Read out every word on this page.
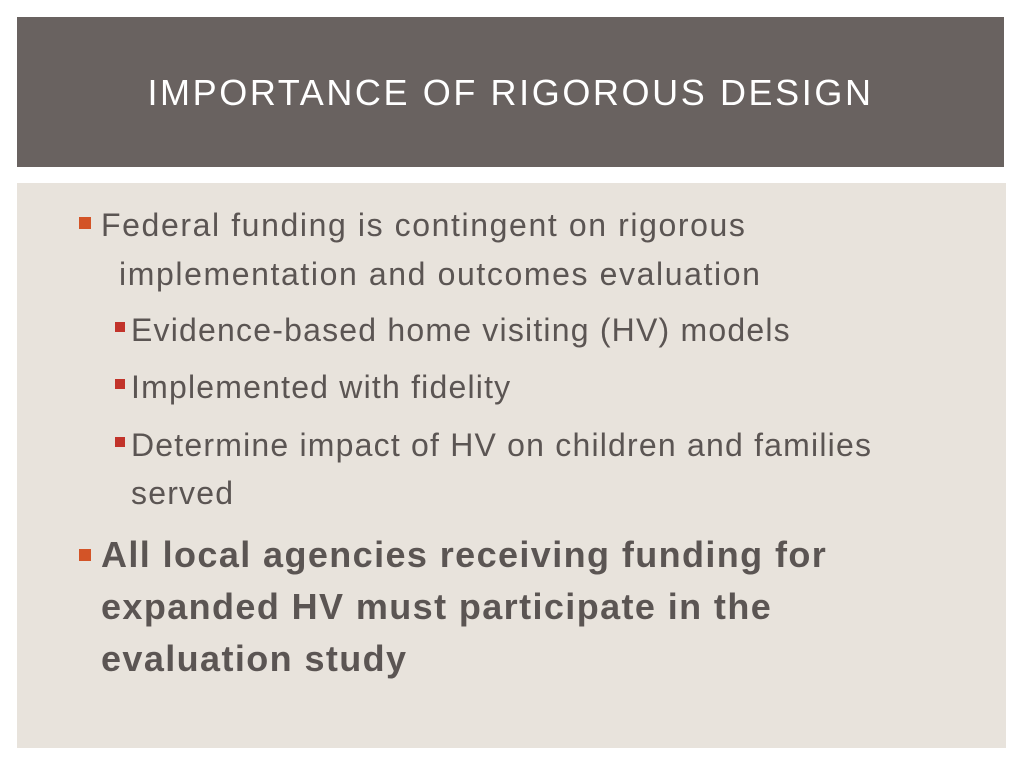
IMPORTANCE OF RIGOROUS DESIGN
Federal funding is contingent on rigorous implementation and outcomes evaluation
Evidence-based home visiting (HV) models
Implemented with fidelity
Determine impact of HV on children and families served
All local agencies receiving funding for expanded HV must participate in the evaluation study
